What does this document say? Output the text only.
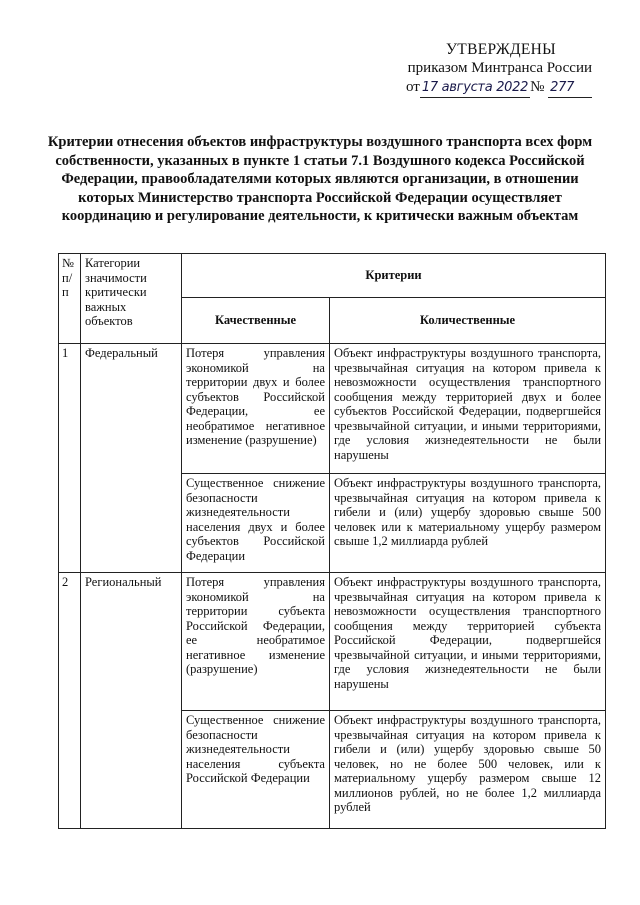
УТВЕРЖДЕНЫ
приказом Минтранса России
от 17 августа 2022 № 277
Критерии отнесения объектов инфраструктуры воздушного транспорта всех форм собственности, указанных в пункте 1 статьи 7.1 Воздушного кодекса Российской Федерации, правообладателями которых являются организации, в отношении которых Министерство транспорта Российской Федерации осуществляет координацию и регулирование деятельности, к критически важным объектам
№ п/п	Категории значимости критически важных объектов	Критерии	
		Качественные	Количественные
1	Федеральный	Потеря управления экономикой на территории двух и более субъектов Российской Федерации, ее необратимое негативное изменение (разрушение)	Объект инфраструктуры воздушного транспорта, чрезвычайная ситуация на котором привела к невозможности осуществления транспортного сообщения между территорией двух и более субъектов Российской Федерации, подвергшейся чрезвычайной ситуации, и иными территориями, где условия жизнедеятельности не были нарушены
		Существенное снижение безопасности жизнедеятельности населения двух и более субъектов Российской Федерации	Объект инфраструктуры воздушного транспорта, чрезвычайная ситуация на котором привела к гибели и (или) ущербу здоровью свыше 500 человек или к материальному ущербу размером свыше 1,2 миллиарда рублей
2	Региональный	Потеря управления экономикой на территории субъекта Российской Федерации, ее необратимое негативное изменение (разрушение)	Объект инфраструктуры воздушного транспорта, чрезвычайная ситуация на котором привела к невозможности осуществления транспортного сообщения между территорией субъекта Российской Федерации, подвергшейся чрезвычайной ситуации, и иными территориями, где условия жизнедеятельности не были нарушены
		Существенное снижение безопасности жизнедеятельности населения субъекта Российской Федерации	Объект инфраструктуры воздушного транспорта, чрезвычайная ситуация на котором привела к гибели и (или) ущербу здоровью свыше 50 человек, но не более 500 человек, или к материальному ущербу размером свыше 12 миллионов рублей, но не более 1,2 миллиарда рублей
